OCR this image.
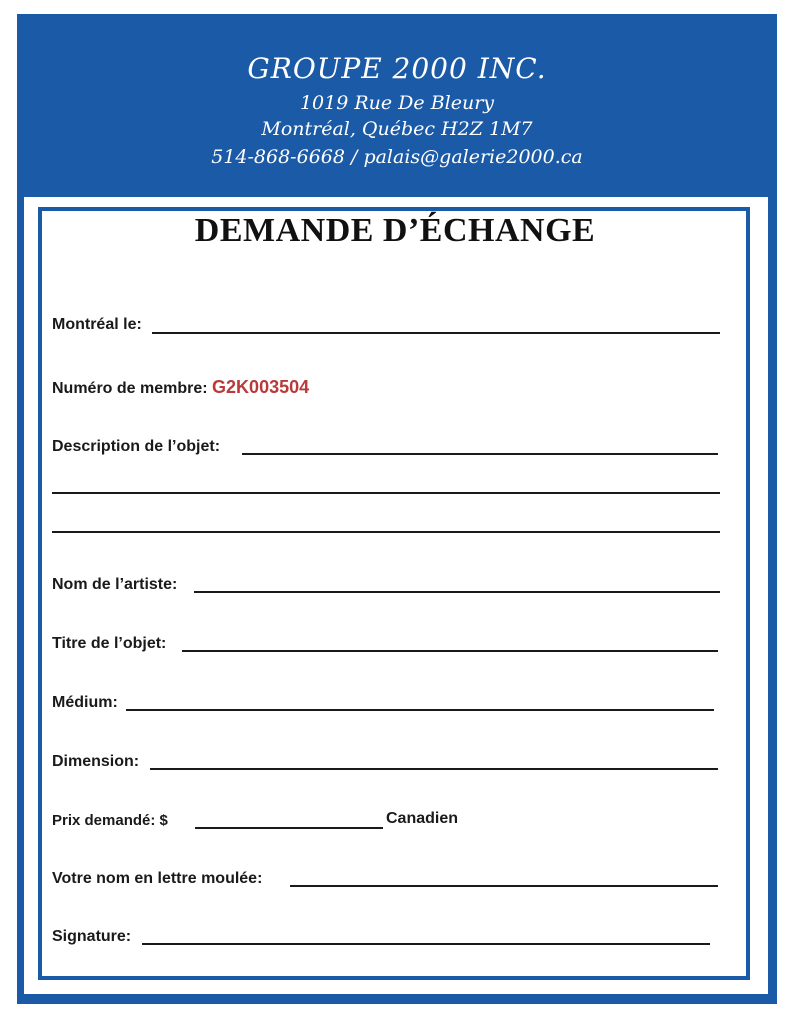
GROUPE 2000 INC.
1019 Rue De Bleury
Montréal, Québec H2Z 1M7
514-868-6668 / palais@galerie2000.ca
DEMANDE D’ÉCHANGE
Montréal le:
Numéro de membre: G2K003504
Description de l’objet:
Nom de l’artiste:
Titre de l’objet:
Médium:
Dimension:
Prix demandé: $	Canadien
Votre nom en lettre moulée:
Signature:
